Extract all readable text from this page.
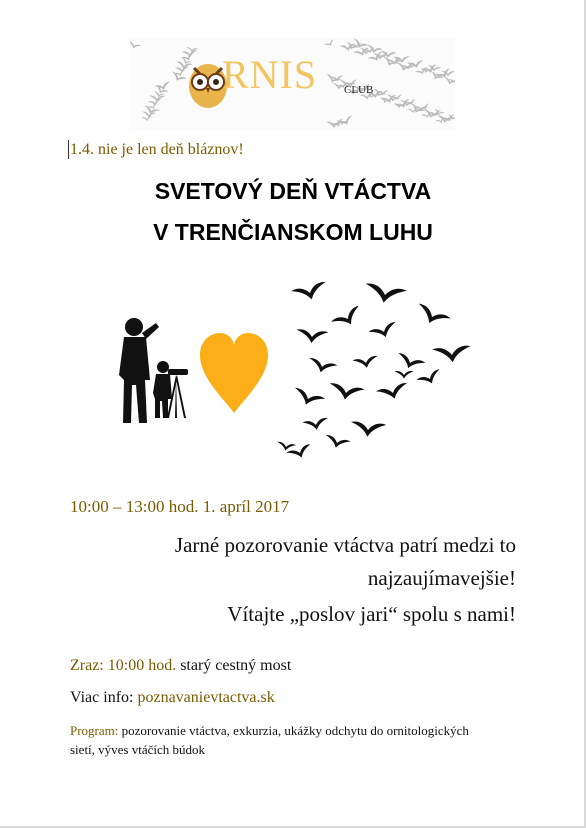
RNIS CLUB
1.4. nie je len deň bláznov!
SVETOVÝ DEŇ VTÁCTVA
V TRENČIANSKOM LUHU
10:00 – 13:00 hod. 1. apríl 2017
Jarné pozorovanie vtáctva patrí medzi to
najzaujímavejšie!
Vítajte „poslov jari“ spolu s nami!
Zraz: 10:00 hod. starý cestný most
Viac info: poznavanievtactva.sk
Program: pozorovanie vtáctva, exkurzia, ukážky odchytu do ornitologických sietí, výves vtáčích búdok
